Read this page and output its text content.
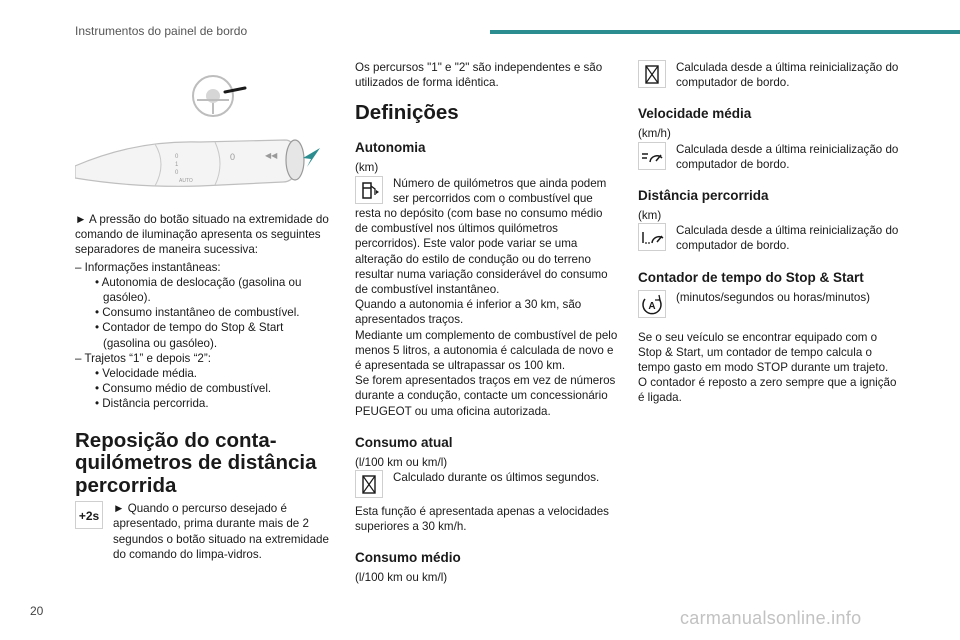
Instrumentos do painel de bordo
0
1
0
AUTO
0	◀◀

► A pressão do botão situado na extremidade do comando de iluminação apresenta os seguintes separadores de maneira sucessiva:

– Informações instantâneas:
• Autonomia de deslocação (gasolina ou gasóleo).
• Consumo instantâneo de combustível.
• Contador de tempo do Stop & Start (gasolina ou gasóleo).
– Trajetos “1” e depois “2”:
• Velocidade média.
• Consumo médio de combustível.
• Distância percorrida.
Reposição do conta-quilómetros de distância percorrida
+2s
► Quando o percurso desejado é apresentado, prima durante mais de 2 segundos o botão situado na extremidade do comando do limpa-vidros.

Os percursos "1" e "2" são independentes e são utilizados de forma idêntica.

Definições
Autonomia
(km)
Número de quilómetros que ainda podem ser percorridos com o combustível que
resta no depósito (com base no consumo médio de combustível nos últimos quilómetros percorridos). Este valor pode variar se uma alteração do estilo de condução ou do terreno resultar numa variação considerável do consumo de combustível instantâneo.
Quando a autonomia é inferior a 30 km, são apresentados traços.
Mediante um complemento de combustível de pelo menos 5 litros, a autonomia é calculada de novo e é apresentada se ultrapassar os 100 km.
Se forem apresentados traços em vez de números durante a condução, contacte um concessionário PEUGEOT ou uma oficina autorizada.
Consumo atual
(l/100 km ou km/l)
Calculado durante os últimos segundos.
Esta função é apresentada apenas a velocidades superiores a 30 km/h.
Consumo médio
(l/100 km ou km/l)
Calculada desde a última reinicialização do computador de bordo.
Velocidade média
(km/h)
Calculada desde a última reinicialização do computador de bordo.
Distância percorrida
(km)
Calculada desde a última reinicialização do computador de bordo.
Contador de tempo do Stop & Start
A
(minutos/segundos ou horas/minutos)
Se o seu veículo se encontrar equipado com o Stop & Start, um contador de tempo calcula o tempo gasto em modo STOP durante um trajeto.
O contador é reposto a zero sempre que a ignição é ligada.
20	carmanualsonline.info
